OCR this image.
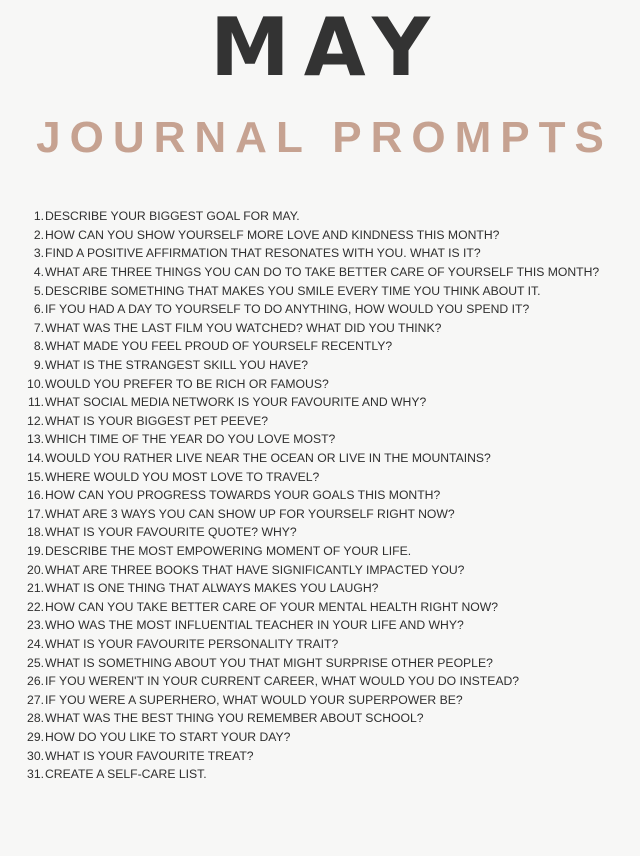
MAY
JOURNAL PROMPTS
1. DESCRIBE YOUR BIGGEST GOAL FOR MAY.
2. HOW CAN YOU SHOW YOURSELF MORE LOVE AND KINDNESS THIS MONTH?
3. FIND A POSITIVE AFFIRMATION THAT RESONATES WITH YOU. WHAT IS IT?
4. WHAT ARE THREE THINGS YOU CAN DO TO TAKE BETTER CARE OF YOURSELF THIS MONTH?
5. DESCRIBE SOMETHING THAT MAKES YOU SMILE EVERY TIME YOU THINK ABOUT IT.
6. IF YOU HAD A DAY TO YOURSELF TO DO ANYTHING, HOW WOULD YOU SPEND IT?
7. WHAT WAS THE LAST FILM YOU WATCHED? WHAT DID YOU THINK?
8. WHAT MADE YOU FEEL PROUD OF YOURSELF RECENTLY?
9. WHAT IS THE STRANGEST SKILL YOU HAVE?
10. WOULD YOU PREFER TO BE RICH OR FAMOUS?
11. WHAT SOCIAL MEDIA NETWORK IS YOUR FAVOURITE AND WHY?
12. WHAT IS YOUR BIGGEST PET PEEVE?
13. WHICH TIME OF THE YEAR DO YOU LOVE MOST?
14. WOULD YOU RATHER LIVE NEAR THE OCEAN OR LIVE IN THE MOUNTAINS?
15. WHERE WOULD YOU MOST LOVE TO TRAVEL?
16. HOW CAN YOU PROGRESS TOWARDS YOUR GOALS THIS MONTH?
17. WHAT ARE 3 WAYS YOU CAN SHOW UP FOR YOURSELF RIGHT NOW?
18. WHAT IS YOUR FAVOURITE QUOTE? WHY?
19. DESCRIBE THE MOST EMPOWERING MOMENT OF YOUR LIFE.
20. WHAT ARE THREE BOOKS THAT HAVE SIGNIFICANTLY IMPACTED YOU?
21. WHAT IS ONE THING THAT ALWAYS MAKES YOU LAUGH?
22. HOW CAN YOU TAKE BETTER CARE OF YOUR MENTAL HEALTH RIGHT NOW?
23. WHO WAS THE MOST INFLUENTIAL TEACHER IN YOUR LIFE AND WHY?
24. WHAT IS YOUR FAVOURITE PERSONALITY TRAIT?
25. WHAT IS SOMETHING ABOUT YOU THAT MIGHT SURPRISE OTHER PEOPLE?
26. IF YOU WEREN'T IN YOUR CURRENT CAREER, WHAT WOULD YOU DO INSTEAD?
27. IF YOU WERE A SUPERHERO, WHAT WOULD YOUR SUPERPOWER BE?
28. WHAT WAS THE BEST THING YOU REMEMBER ABOUT SCHOOL?
29. HOW DO YOU LIKE TO START YOUR DAY?
30. WHAT IS YOUR FAVOURITE TREAT?
31. CREATE A SELF-CARE LIST.
